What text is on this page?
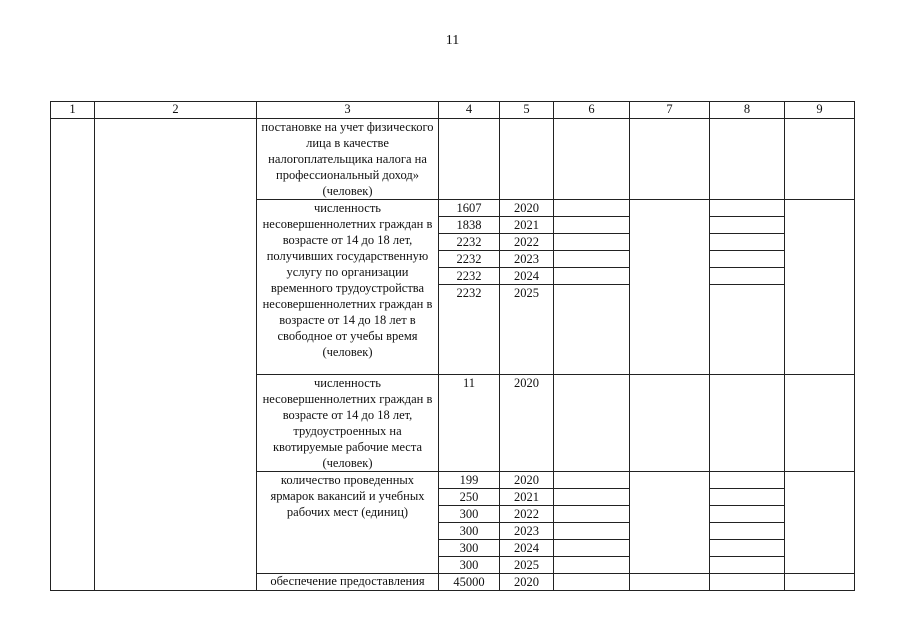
11
1	2	3	4	5	6	7	8	9
		постановке на учет физического лица в качестве налогоплательщика налога на профессиональный доход» (человек)						
		численность несовершеннолетних граждан в возрасте от 14 до 18 лет, получивших государственную услугу по организации временного трудоустройства несовершеннолетних граждан в возрасте от 14 до 18 лет в свободное от учебы время (человек)	1607	2020				
			1838	2021				
			2232	2022				
			2232	2023				
			2232	2024				
			2232	2025				
		численность несовершеннолетних граждан в возрасте от 14 до 18 лет, трудоустроенных на квотируемые рабочие места (человек)	11	2020				
		количество проведенных ярмарок вакансий и учебных рабочих мест (единиц)	199	2020				
			250	2021				
			300	2022				
			300	2023				
			300	2024				
			300	2025				
		обеспечение предоставления	45000	2020				
